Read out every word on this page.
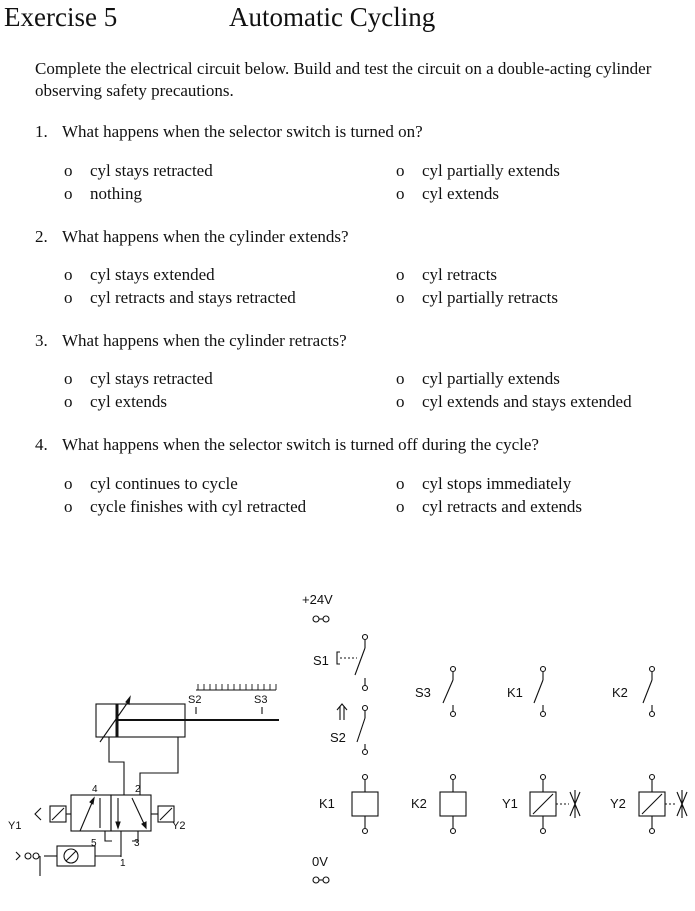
Exercise 5	Automatic Cycling
Complete the electrical circuit below. Build and test the circuit on a double-acting cylinder observing safety precautions.
1. What happens when the selector switch is turned on?
o cyl stays retracted	o cyl partially extends
o nothing	o cyl extends
2. What happens when the cylinder extends?
o cyl stays extended	o cyl retracts
o cyl retracts and stays retracted	o cyl partially retracts
3. What happens when the cylinder retracts?
o cyl stays retracted	o cyl partially extends
o cyl extends	o cyl extends and stays extended
4. What happens when the selector switch is turned off during the cycle?
o cyl continues to cycle	o cyl stops immediately
o cycle finishes with cyl retracted	o cyl retracts and extends
+24V
0V
S1
S2
K1
S3
K2
K1
Y1
K2
Y2
Y1	Y2
4	2
5	3
1
S2	S3
